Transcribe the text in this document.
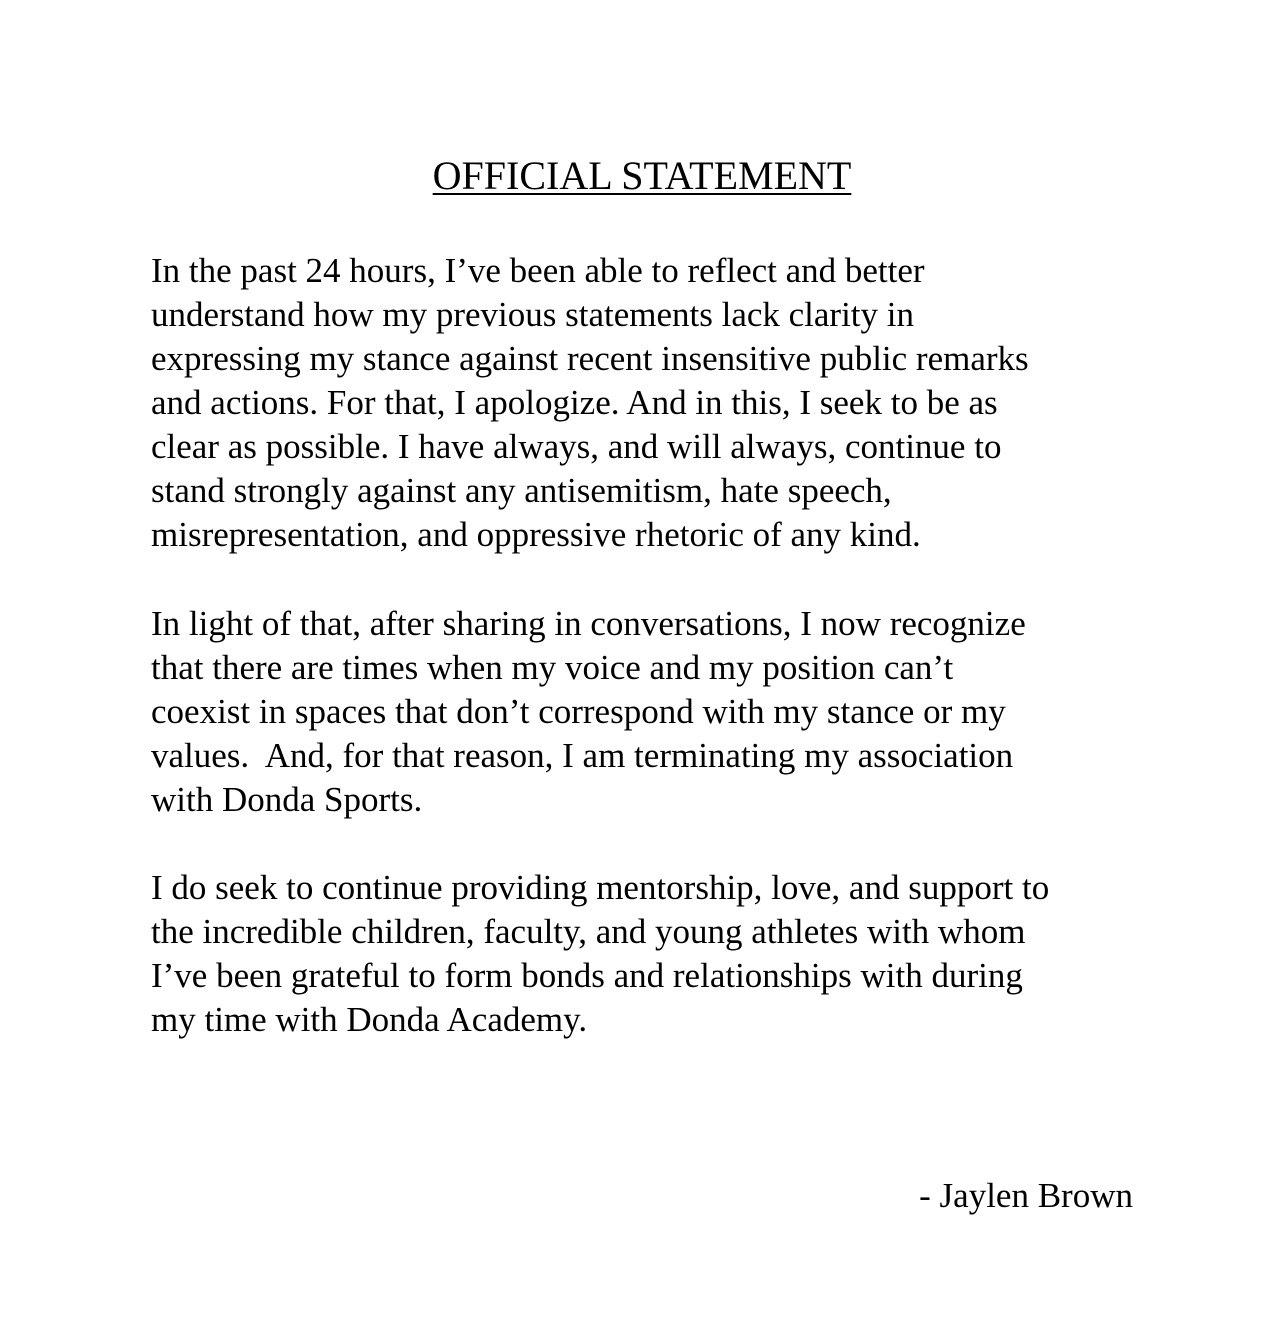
OFFICIAL STATEMENT

In the past 24 hours, I’ve been able to reflect and better
understand how my previous statements lack clarity in
expressing my stance against recent insensitive public remarks
and actions. For that, I apologize. And in this, I seek to be as
clear as possible. I have always, and will always, continue to
stand strongly against any antisemitism, hate speech,
misrepresentation, and oppressive rhetoric of any kind.

In light of that, after sharing in conversations, I now recognize
that there are times when my voice and my position can’t
coexist in spaces that don’t correspond with my stance or my
values.  And, for that reason, I am terminating my association
with Donda Sports.

I do seek to continue providing mentorship, love, and support to
the incredible children, faculty, and young athletes with whom
I’ve been grateful to form bonds and relationships with during
my time with Donda Academy.

- Jaylen Brown
